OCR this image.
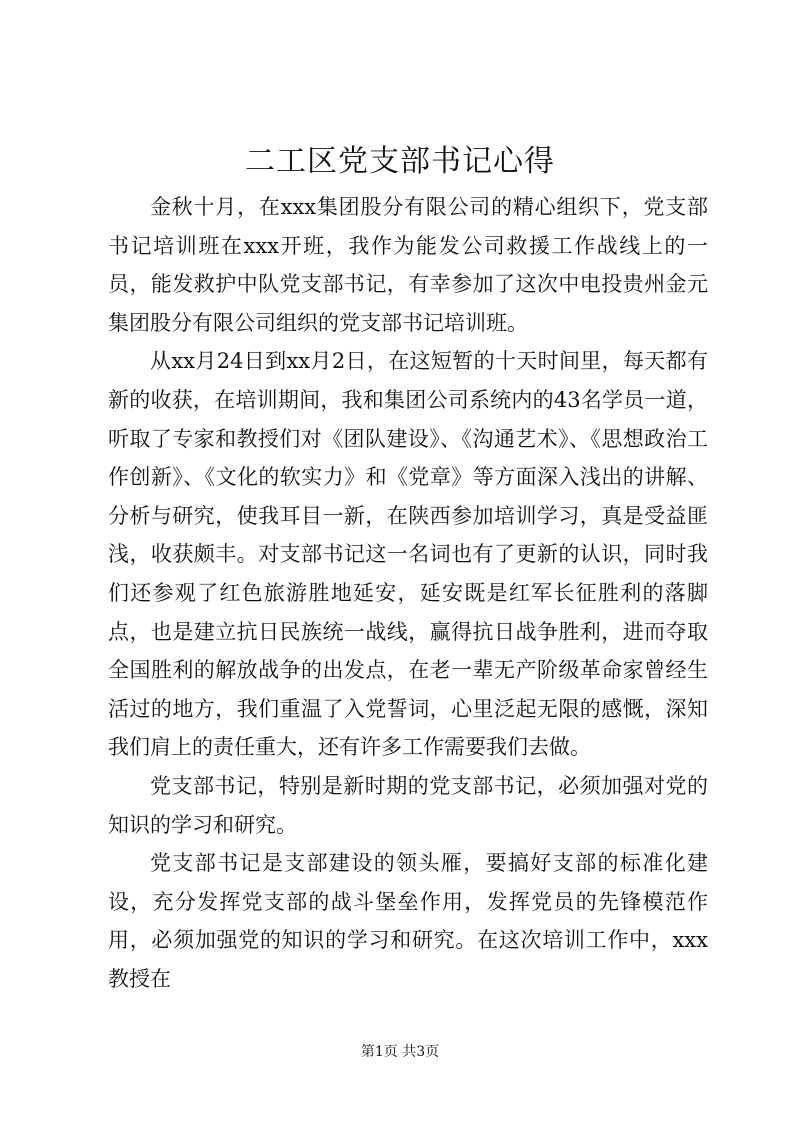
二工区党支部书记心得

金秋十月，在xxx集团股分有限公司的精心组织下，党支部书记培训班在xxx开班，我作为能发公司救援工作战线上的一员，能发救护中队党支部书记，有幸参加了这次中电投贵州金元集团股分有限公司组织的党支部书记培训班。

从xx月24日到xx月2日，在这短暂的十天时间里，每天都有新的收获，在培训期间，我和集团公司系统内的43名学员一道，听取了专家和教授们对《团队建设》、《沟通艺术》、《思想政治工作创新》、《文化的软实力》和《党章》等方面深入浅出的讲解、分析与研究，使我耳目一新，在陕西参加培训学习，真是受益匪浅，收获颇丰。对支部书记这一名词也有了更新的认识，同时我们还参观了红色旅游胜地延安，延安既是红军长征胜利的落脚点，也是建立抗日民族统一战线，赢得抗日战争胜利，进而夺取全国胜利的解放战争的出发点，在老一辈无产阶级革命家曾经生活过的地方，我们重温了入党誓词，心里泛起无限的感慨，深知我们肩上的责任重大，还有许多工作需要我们去做。

党支部书记，特别是新时期的党支部书记，必须加强对党的知识的学习和研究。

党支部书记是支部建设的领头雁，要搞好支部的标准化建设，充分发挥党支部的战斗堡垒作用，发挥党员的先锋模范作用，必须加强党的知识的学习和研究。在这次培训工作中，xxx教授在

第1页 共3页
